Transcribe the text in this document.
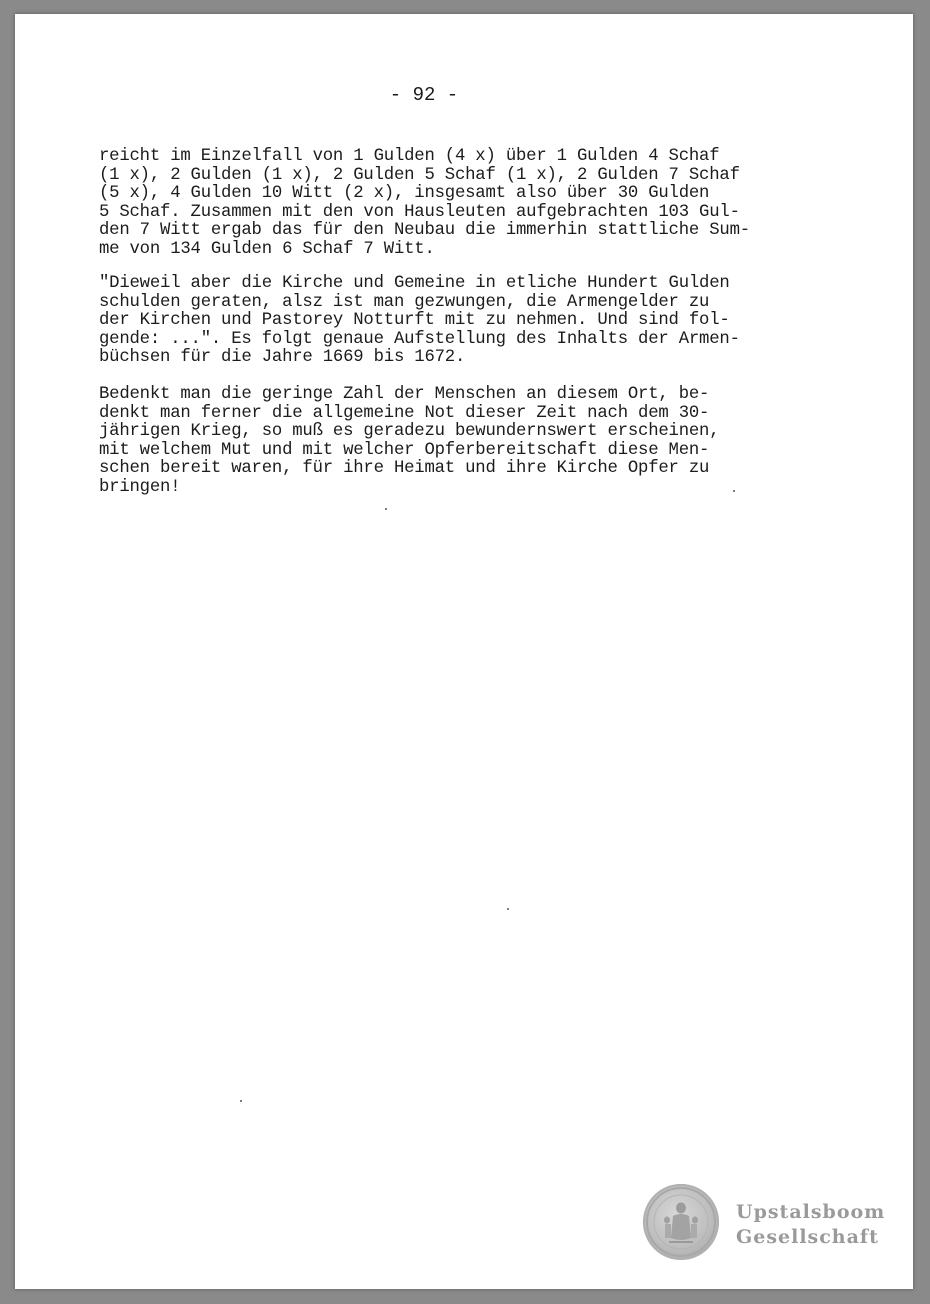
- 92 -
reicht im Einzelfall von 1 Gulden (4 x) über 1 Gulden 4 Schaf
(1 x), 2 Gulden (1 x), 2 Gulden 5 Schaf (1 x), 2 Gulden 7 Schaf
(5 x), 4 Gulden 10 Witt (2 x), insgesamt also über 30 Gulden
5 Schaf. Zusammen mit den von Hausleuten aufgebrachten 103 Gul-
den 7 Witt ergab das für den Neubau die immerhin stattliche Sum-
me von 134 Gulden 6 Schaf 7 Witt.
"Dieweil aber die Kirche und Gemeine in etliche Hundert Gulden
schulden geraten, alsz ist man gezwungen, die Armengelder zu
der Kirchen und Pastorey Notturft mit zu nehmen. Und sind fol-
gende: ...". Es folgt genaue Aufstellung des Inhalts der Armen-
büchsen für die Jahre 1669 bis 1672.
Bedenkt man die geringe Zahl der Menschen an diesem Ort, be-
denkt man ferner die allgemeine Not dieser Zeit nach dem 30-
jährigen Krieg, so muß es geradezu bewundernswert erscheinen,
mit welchem Mut und mit welcher Opferbereitschaft diese Men-
schen bereit waren, für ihre Heimat und ihre Kirche Opfer zu
bringen!
Upstalsboom
Gesellschaft
